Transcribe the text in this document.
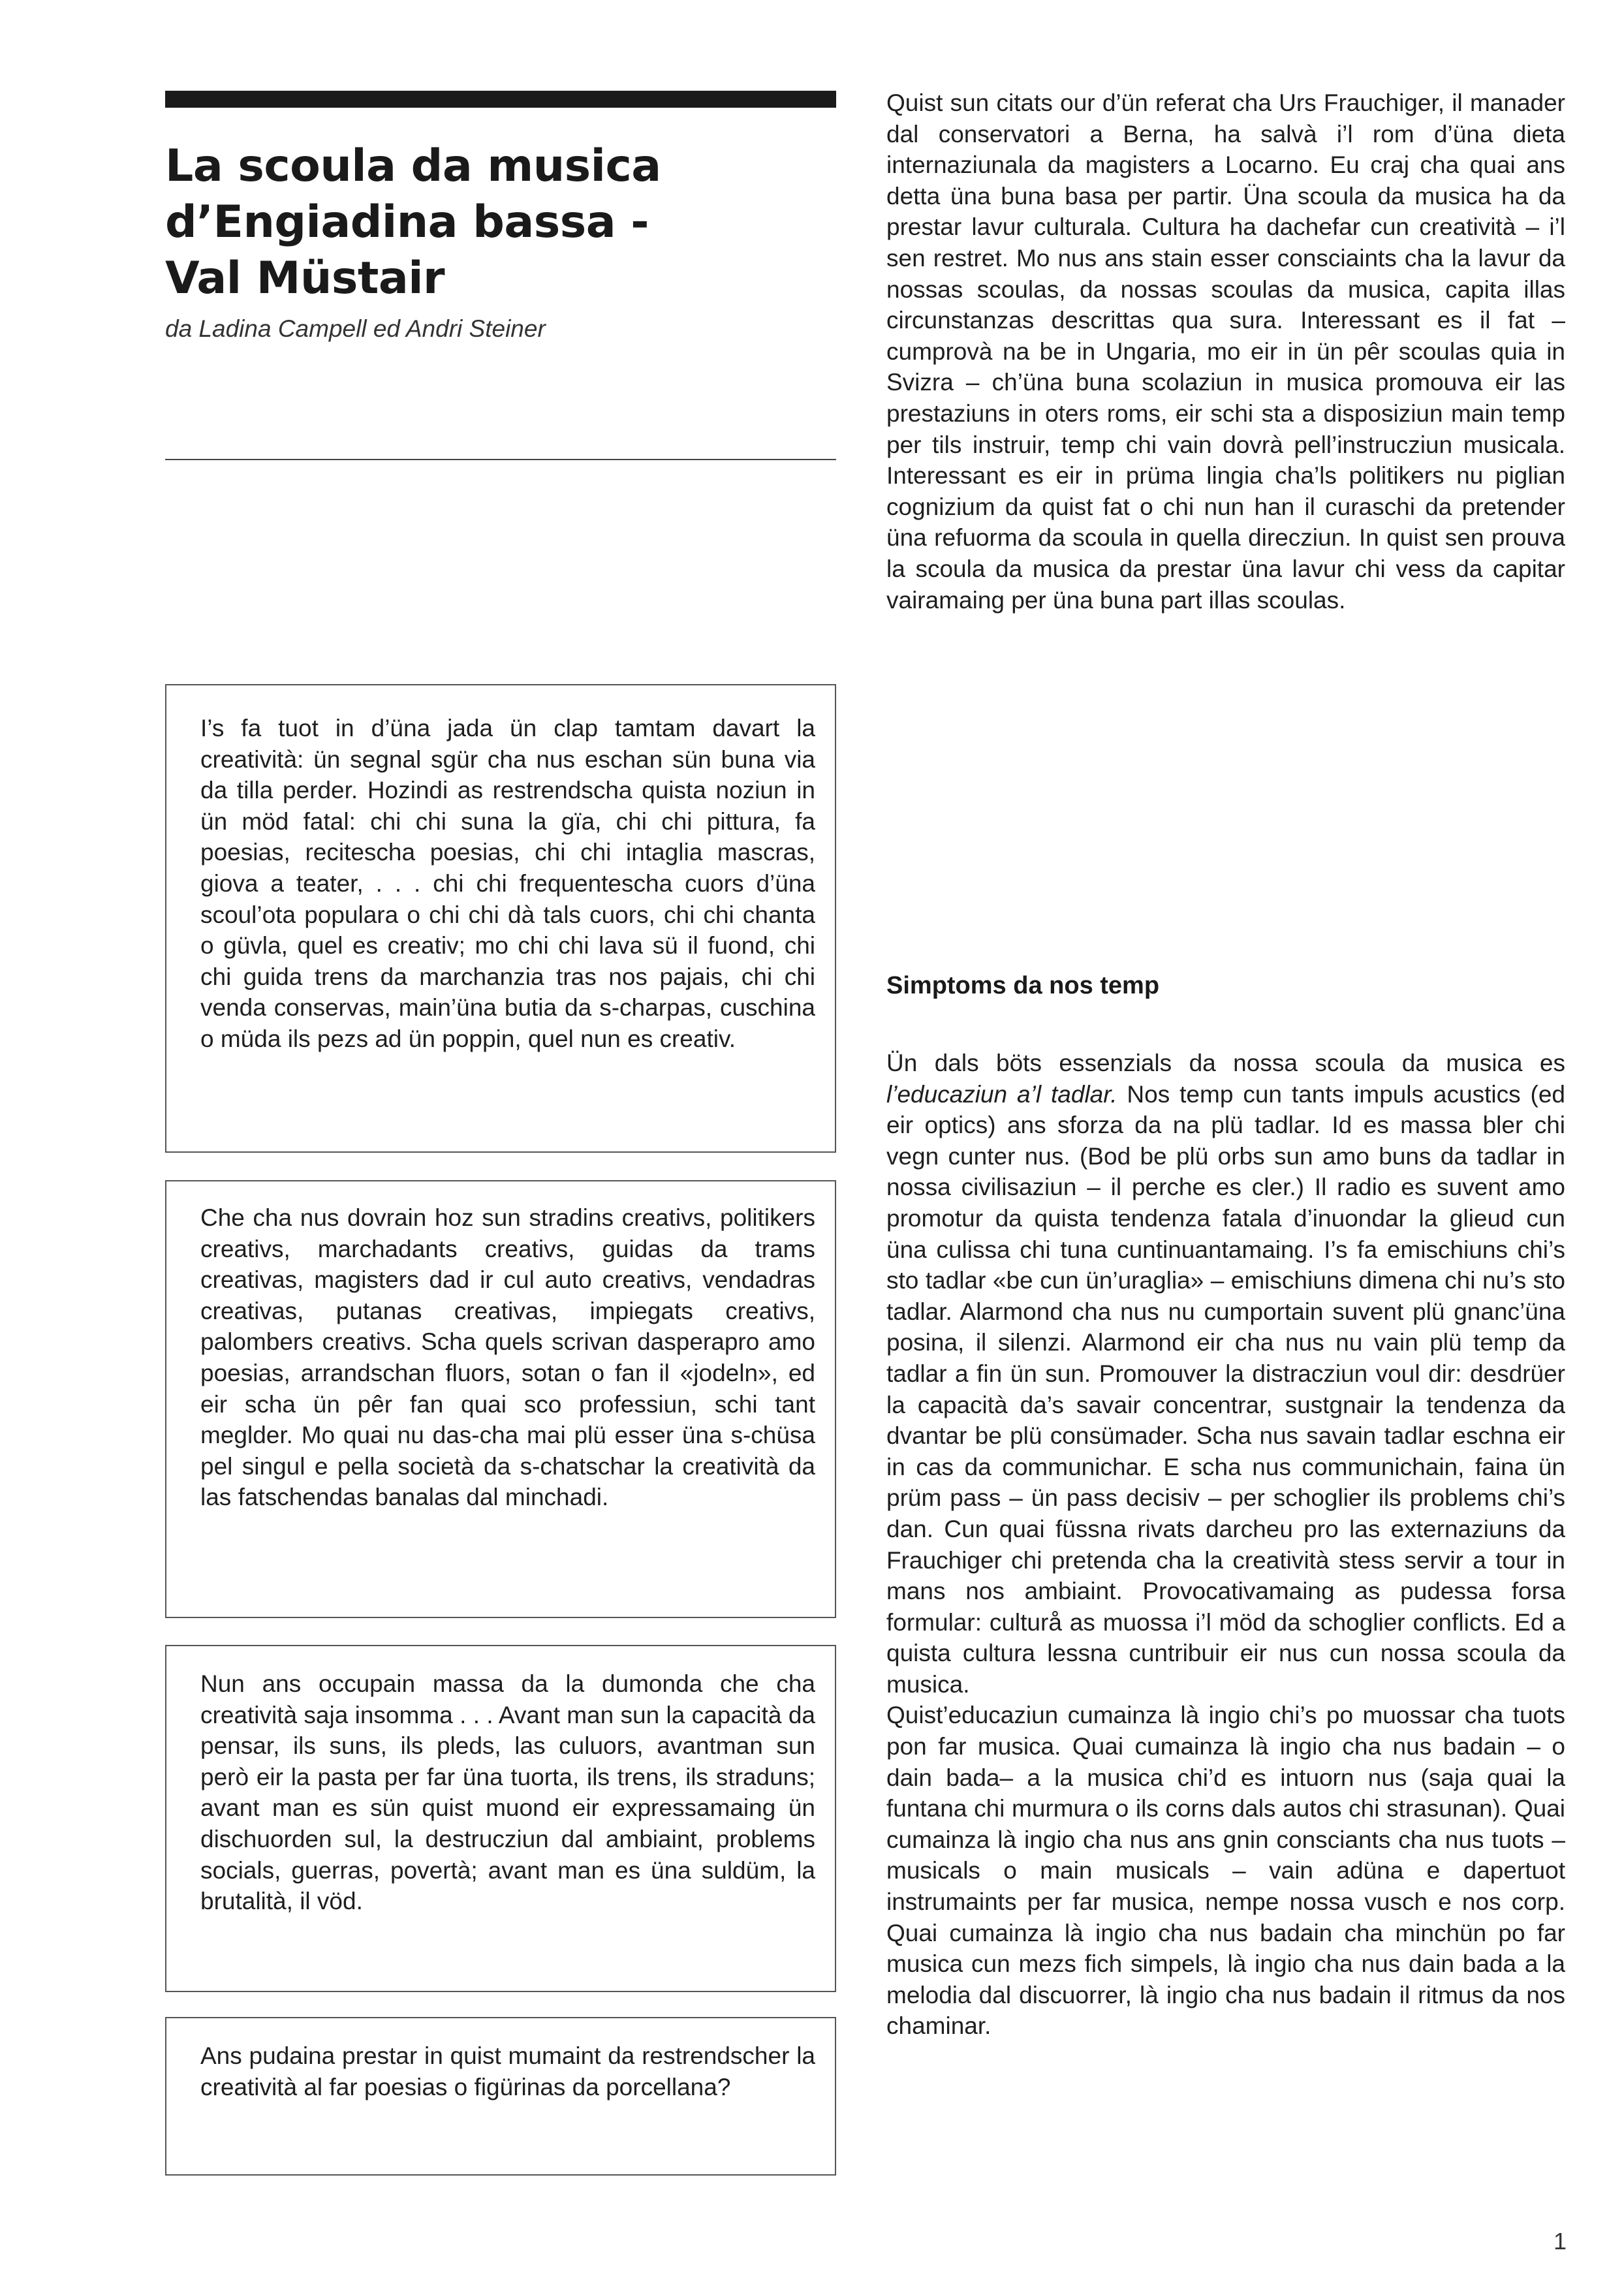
La scoula da musica
d’Engiadina bassa -
Val Müstair

da Ladina Campell ed Andri Steiner

I’s fa tuot in d’üna jada ün clap tamtam davart la creatività: ün segnal sgür cha nus eschan sün buna via da tilla perder. Hozindi as restrendscha quista noziun in ün möd fatal: chi chi suna la gïa, chi chi pittura, fa poesias, recitescha poesias, chi chi intaglia mascras, giova a teater, . . . chi chi frequentescha cuors d’üna scoul’ota populara o chi chi dà tals cuors, chi chi chanta o güvla, quel es creativ; mo chi chi lava sü il fuond, chi chi guida trens da marchanzia tras nos pajais, chi chi venda conservas, main’üna butia da s-charpas, cuschina o müda ils pezs ad ün poppin, quel nun es creativ.

Che cha nus dovrain hoz sun stradins creativs, politikers creativs, marchadants creativs, guidas da trams creativas, magisters dad ir cul auto creativs, vendadras creativas, putanas creativas, impiegats creativs, palombers creativs. Scha quels scrivan dasperapro amo poesias, arrandschan fluors, sotan o fan il «jodeln», ed eir scha ün pêr fan quai sco professiun, schi tant meglder. Mo quai nu das-cha mai plü esser üna s-chüsa pel singul e pella società da s-chatschar la creatività da las fatschendas banalas dal minchadi.

Nun ans occupain massa da la dumonda che cha creatività saja insomma . . . Avant man sun la capacità da pensar, ils suns, ils pleds, las culuors, avantman sun però eir la pasta per far üna tuorta, ils trens, ils straduns; avant man es sün quist muond eir expressamaing ün dischuorden sul, la destrucziun dal ambiaint, problems socials, guerras, povertà; avant man es üna suldüm, la brutalità, il vöd.

Ans pudaina prestar in quist mumaint da restrendscher la creatività al far poesias o figürinas da porcellana?

Quist sun citats our d’ün referat cha Urs Frauchiger, il manader dal conservatori a Berna, ha salvà i’l rom d’üna dieta internaziunala da magisters a Locarno. Eu craj cha quai ans detta üna buna basa per partir. Üna scoula da musica ha da prestar lavur culturala. Cultura ha dachefar cun creatività – i’l sen restret. Mo nus ans stain esser consciaints cha la lavur da nossas scoulas, da nossas scoulas da musica, capita illas circunstanzas descrittas qua sura. Interessant es il fat – cumprovà na be in Ungaria, mo eir in ün pêr scoulas quia in Svizra – ch’üna buna scolaziun in musica promouva eir las prestaziuns in oters roms, eir schi sta a disposiziun main temp per tils instruir, temp chi vain dovrà pell’instrucziun musicala. Interessant es eir in prüma lingia cha’ls politikers nu piglian cognizium da quist fat o chi nun han il curaschi da pretender üna refuorma da scoula in quella direcziun. In quist sen prouva la scoula da musica da prestar üna lavur chi vess da capitar vairamaing per üna buna part illas scoulas.

Simptoms da nos temp

Ün dals böts essenzials da nossa scoula da musica es l’educaziun a’l tadlar. Nos temp cun tants impuls acustics (ed eir optics) ans sforza da na plü tadlar. Id es massa bler chi vegn cunter nus. (Bod be plü orbs sun amo buns da tadlar in nossa civilisaziun – il perche es cler.) Il radio es suvent amo promotur da quista tendenza fatala d’inuondar la glieud cun üna culissa chi tuna cuntinuantamaing. I’s fa emischiuns chi’s sto tadlar «be cun ün’uraglia» – emischiuns dimena chi nu’s sto tadlar. Alarmond cha nus nu cumportain suvent plü gnanc’üna posina, il silenzi. Alarmond eir cha nus nu vain plü temp da tadlar a fin ün sun. Promouver la distracziun voul dir: desdrüer la capacità da’s savair concentrar, sustgnair la tendenza da dvantar be plü consümader. Scha nus savain tadlar eschna eir in cas da communichar. E scha nus communichain, faina ün prüm pass – ün pass decisiv – per schoglier ils problems chi’s dan. Cun quai füssna rivats darcheu pro las externaziuns da Frauchiger chi pretenda cha la creatività stess servir a tour in mans nos ambiaint. Provocativamaing as pudessa forsa formular: culturå as muossa i’l möd da schoglier conflicts. Ed a quista cultura lessna cuntribuir eir nus cun nossa scoula da musica.

Quist’educaziun cumainza là ingio chi’s po muossar cha tuots pon far musica. Quai cumainza là ingio cha nus badain – o dain bada– a la musica chi’d es intuorn nus (saja quai la funtana chi murmura o ils corns dals autos chi strasunan). Quai cumainza là ingio cha nus ans gnin consciants cha nus tuots – musicals o main musicals – vain adüna e dapertuot instrumaints per far musica, nempe nossa vusch e nos corp. Quai cumainza là ingio cha nus badain cha minchün po far musica cun mezs fich simpels, là ingio cha nus dain bada a la melodia dal discuorrer, là ingio cha nus badain il ritmus da nos chaminar.

1
